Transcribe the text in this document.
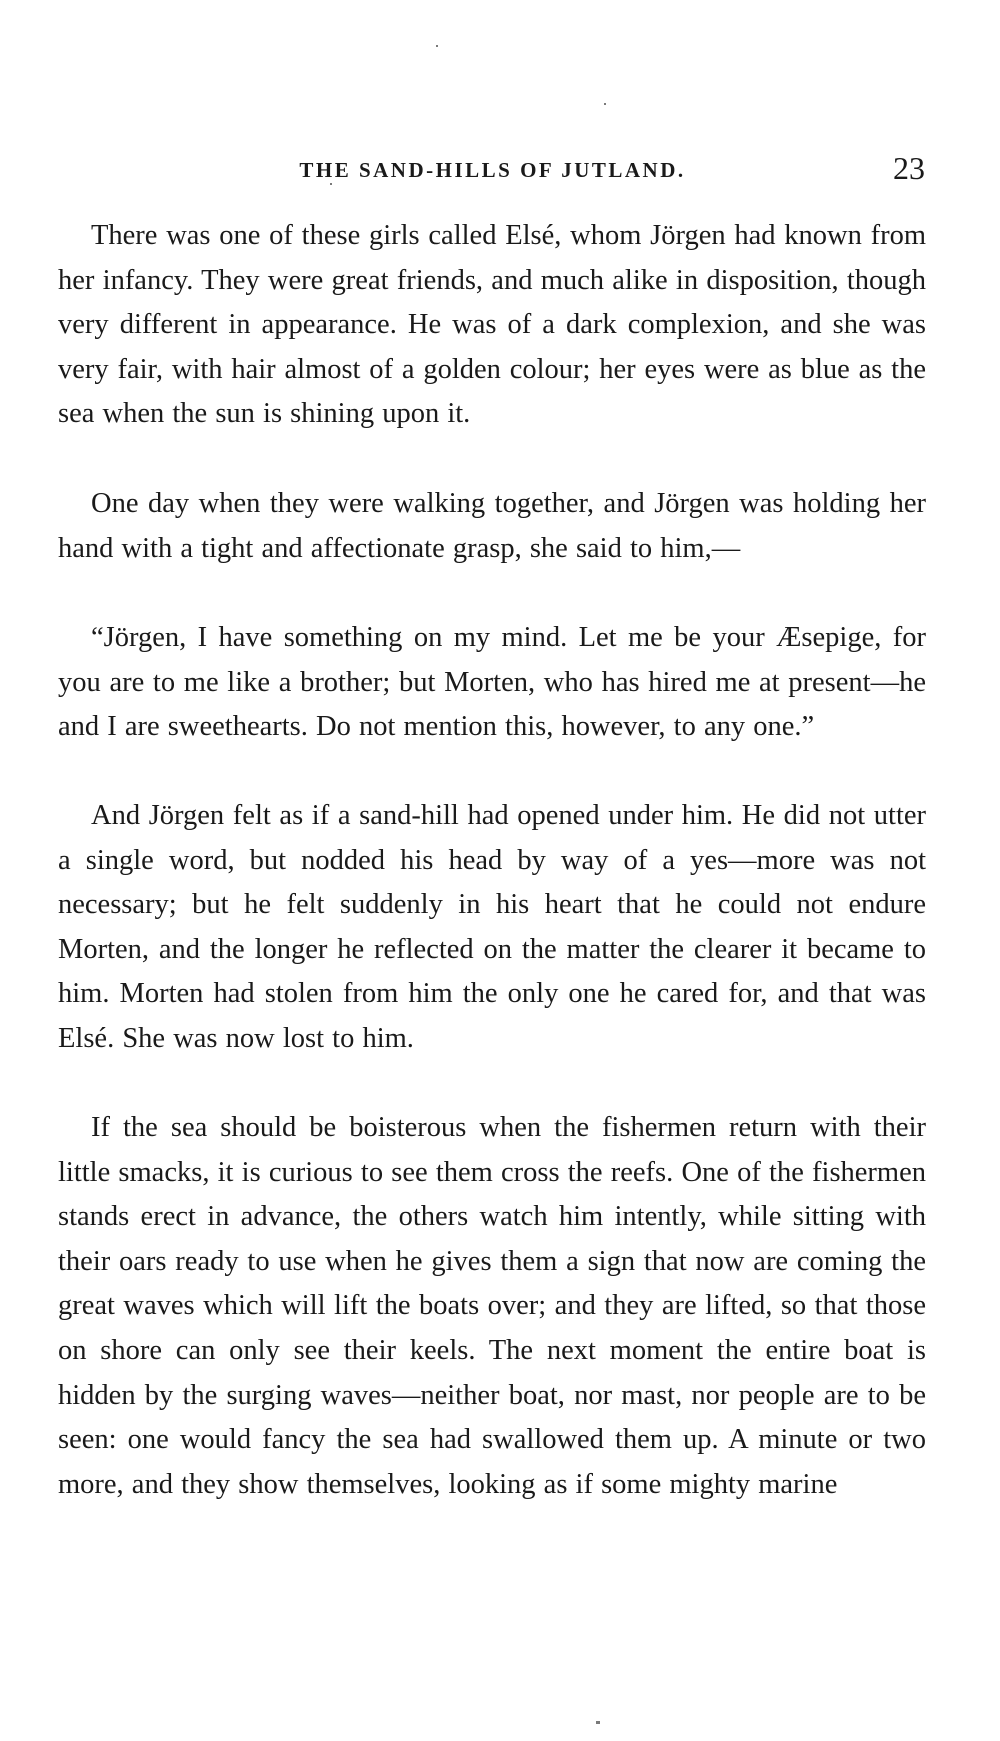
THE SAND-HILLS OF JUTLAND.	23

There was one of these girls called Elsé, whom Jörgen had known from her infancy. They were great friends, and much alike in disposition, though very different in appearance. He was of a dark complexion, and she was very fair, with hair almost of a golden colour; her eyes were as blue as the sea when the sun is shining upon it.

One day when they were walking together, and Jörgen was holding her hand with a tight and affectionate grasp, she said to him,—

“Jörgen, I have something on my mind. Let me be your Æsepige, for you are to me like a brother; but Morten, who has hired me at present—he and I are sweethearts. Do not mention this, however, to any one.”

And Jörgen felt as if a sand-hill had opened under him. He did not utter a single word, but nodded his head by way of a yes—more was not necessary; but he felt suddenly in his heart that he could not endure Morten, and the longer he reflected on the matter the clearer it became to him. Morten had stolen from him the only one he cared for, and that was Elsé. She was now lost to him.

If the sea should be boisterous when the fishermen return with their little smacks, it is curious to see them cross the reefs. One of the fishermen stands erect in advance, the others watch him intently, while sitting with their oars ready to use when he gives them a sign that now are coming the great waves which will lift the boats over; and they are lifted, so that those on shore can only see their keels. The next moment the entire boat is hidden by the surging waves—neither boat, nor mast, nor people are to be seen: one would fancy the sea had swallowed them up. A minute or two more, and they show themselves, looking as if some mighty marine
